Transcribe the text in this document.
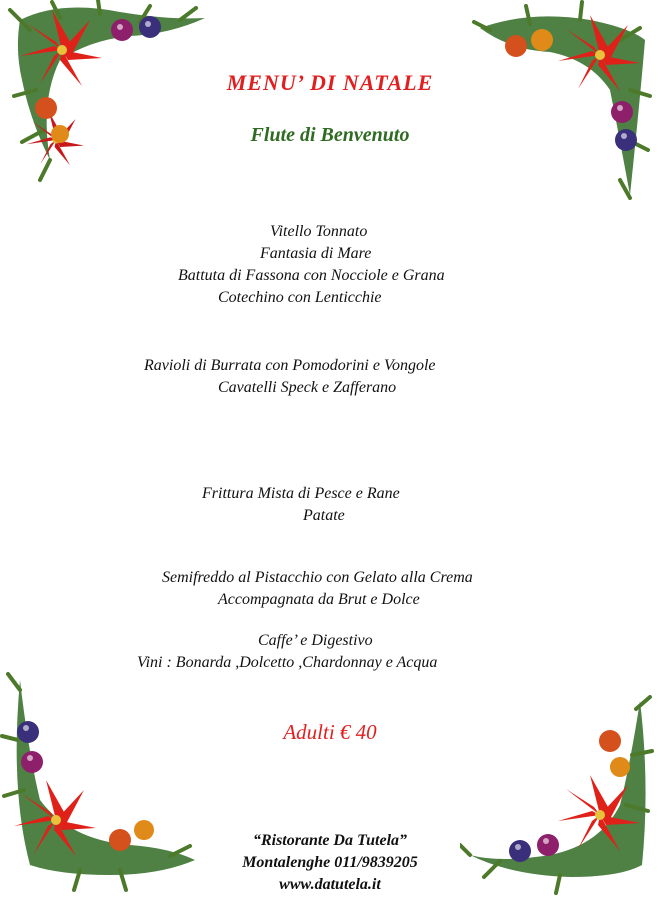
MENU’ DI NATALE
Flute di Benvenuto
Vitello Tonnato
Fantasia di Mare
Battuta di Fassona con Nocciole e Grana
Cotechino con Lenticchie
Ravioli di Burrata con Pomodorini e Vongole
Cavatelli Speck e Zafferano
Frittura Mista di Pesce e Rane
Patate
Semifreddo al Pistacchio con Gelato alla Crema
Accompagnata da Brut e Dolce
Caffe’ e Digestivo
Vini : Bonarda ,Dolcetto ,Chardonnay e Acqua
Adulti € 40
“Ristorante Da Tutela”
Montalenghe 011/9839205
www.datutela.it
